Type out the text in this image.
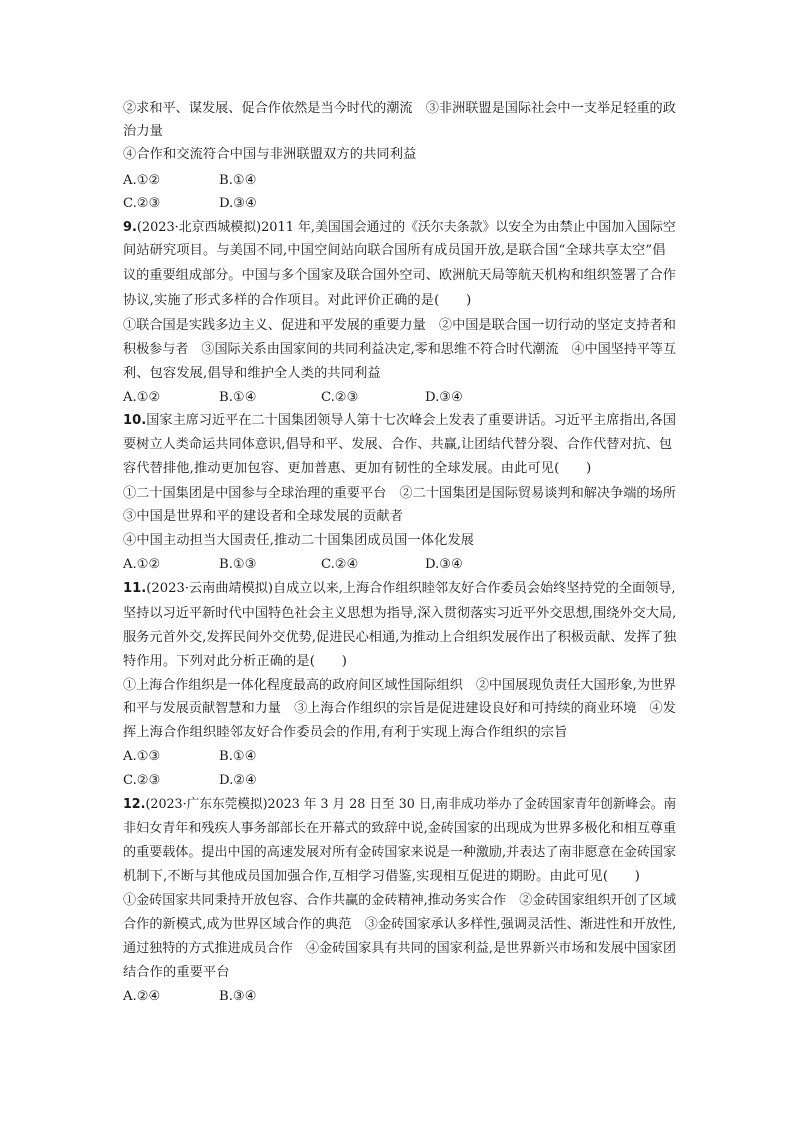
②求和平、谋发展、促合作依然是当今时代的潮流　③非洲联盟是国际社会中一支举足轻重的政
治力量
④合作和交流符合中国与非洲联盟双方的共同利益
A.①②	B.①④
C.②③	D.③④
9.(2023·北京西城模拟)2011 年,美国国会通过的《沃尔夫条款》以安全为由禁止中国加入国际空
间站研究项目。与美国不同,中国空间站向联合国所有成员国开放,是联合国“全球共享太空”倡
议的重要组成部分。中国与多个国家及联合国外空司、欧洲航天局等航天机构和组织签署了合作
协议,实施了形式多样的合作项目。对此评价正确的是(　　)
①联合国是实践多边主义、促进和平发展的重要力量　②中国是联合国一切行动的坚定支持者和
积极参与者　③国际关系由国家间的共同利益决定,零和思维不符合时代潮流　④中国坚持平等互
利、包容发展,倡导和维护全人类的共同利益
A.①②	B.①④	C.②③	D.③④
10.国家主席习近平在二十国集团领导人第十七次峰会上发表了重要讲话。习近平主席指出,各国
要树立人类命运共同体意识,倡导和平、发展、合作、共赢,让团结代替分裂、合作代替对抗、包
容代替排他,推动更加包容、更加普惠、更加有韧性的全球发展。由此可见(　　)
①二十国集团是中国参与全球治理的重要平台　②二十国集团是国际贸易谈判和解决争端的场所
③中国是世界和平的建设者和全球发展的贡献者
④中国主动担当大国责任,推动二十国集团成员国一体化发展
A.①②	B.①③	C.②④	D.③④
11.(2023·云南曲靖模拟)自成立以来,上海合作组织睦邻友好合作委员会始终坚持党的全面领导,
坚持以习近平新时代中国特色社会主义思想为指导,深入贯彻落实习近平外交思想,围绕外交大局,
服务元首外交,发挥民间外交优势,促进民心相通,为推动上合组织发展作出了积极贡献、发挥了独
特作用。下列对此分析正确的是(　　)
①上海合作组织是一体化程度最高的政府间区域性国际组织　②中国展现负责任大国形象,为世界
和平与发展贡献智慧和力量　③上海合作组织的宗旨是促进建设良好和可持续的商业环境　④发
挥上海合作组织睦邻友好合作委员会的作用,有利于实现上海合作组织的宗旨
A.①③	B.①④
C.②③	D.②④
12.(2023·广东东莞模拟)2023 年 3 月 28 日至 30 日,南非成功举办了金砖国家青年创新峰会。南
非妇女青年和残疾人事务部部长在开幕式的致辞中说,金砖国家的出现成为世界多极化和相互尊重
的重要载体。提出中国的高速发展对所有金砖国家来说是一种激励,并表达了南非愿意在金砖国家
机制下,不断与其他成员国加强合作,互相学习借鉴,实现相互促进的期盼。由此可见(　　)
①金砖国家共同秉持开放包容、合作共赢的金砖精神,推动务实合作　②金砖国家组织开创了区域
合作的新模式,成为世界区域合作的典范　③金砖国家承认多样性,强调灵活性、渐进性和开放性,
通过独特的方式推进成员合作　④金砖国家具有共同的国家利益,是世界新兴市场和发展中国家团
结合作的重要平台
A.②④	B.③④
